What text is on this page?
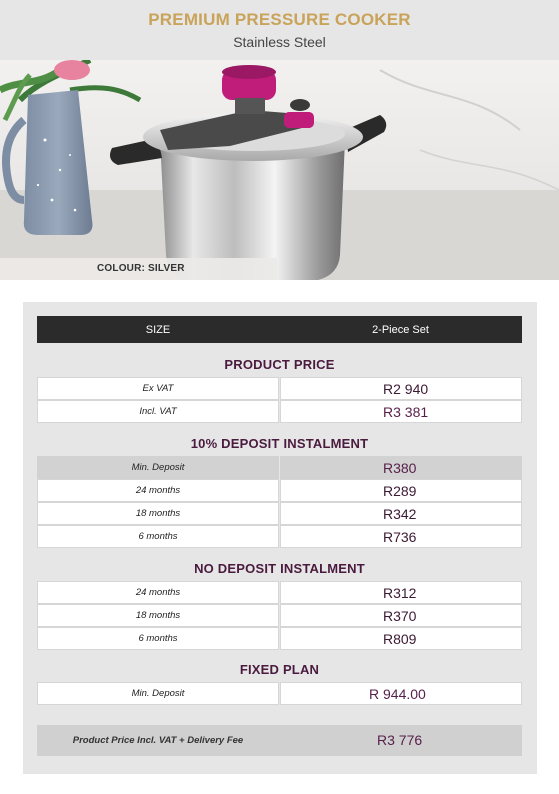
PREMIUM PRESSURE COOKER
Stainless Steel
COLOUR: SILVER
SIZE	2-Piece Set
PRODUCT PRICE
Ex VAT	R2 940
Incl. VAT	R3 381
10% DEPOSIT INSTALMENT
Min. Deposit	R380
24 months	R289
18 months	R342
6 months	R736
NO DEPOSIT INSTALMENT
24 months	R312
18 months	R370
6 months	R809
FIXED PLAN
Min. Deposit	R 944.00
Product Price Incl. VAT + Delivery Fee	R3 776
